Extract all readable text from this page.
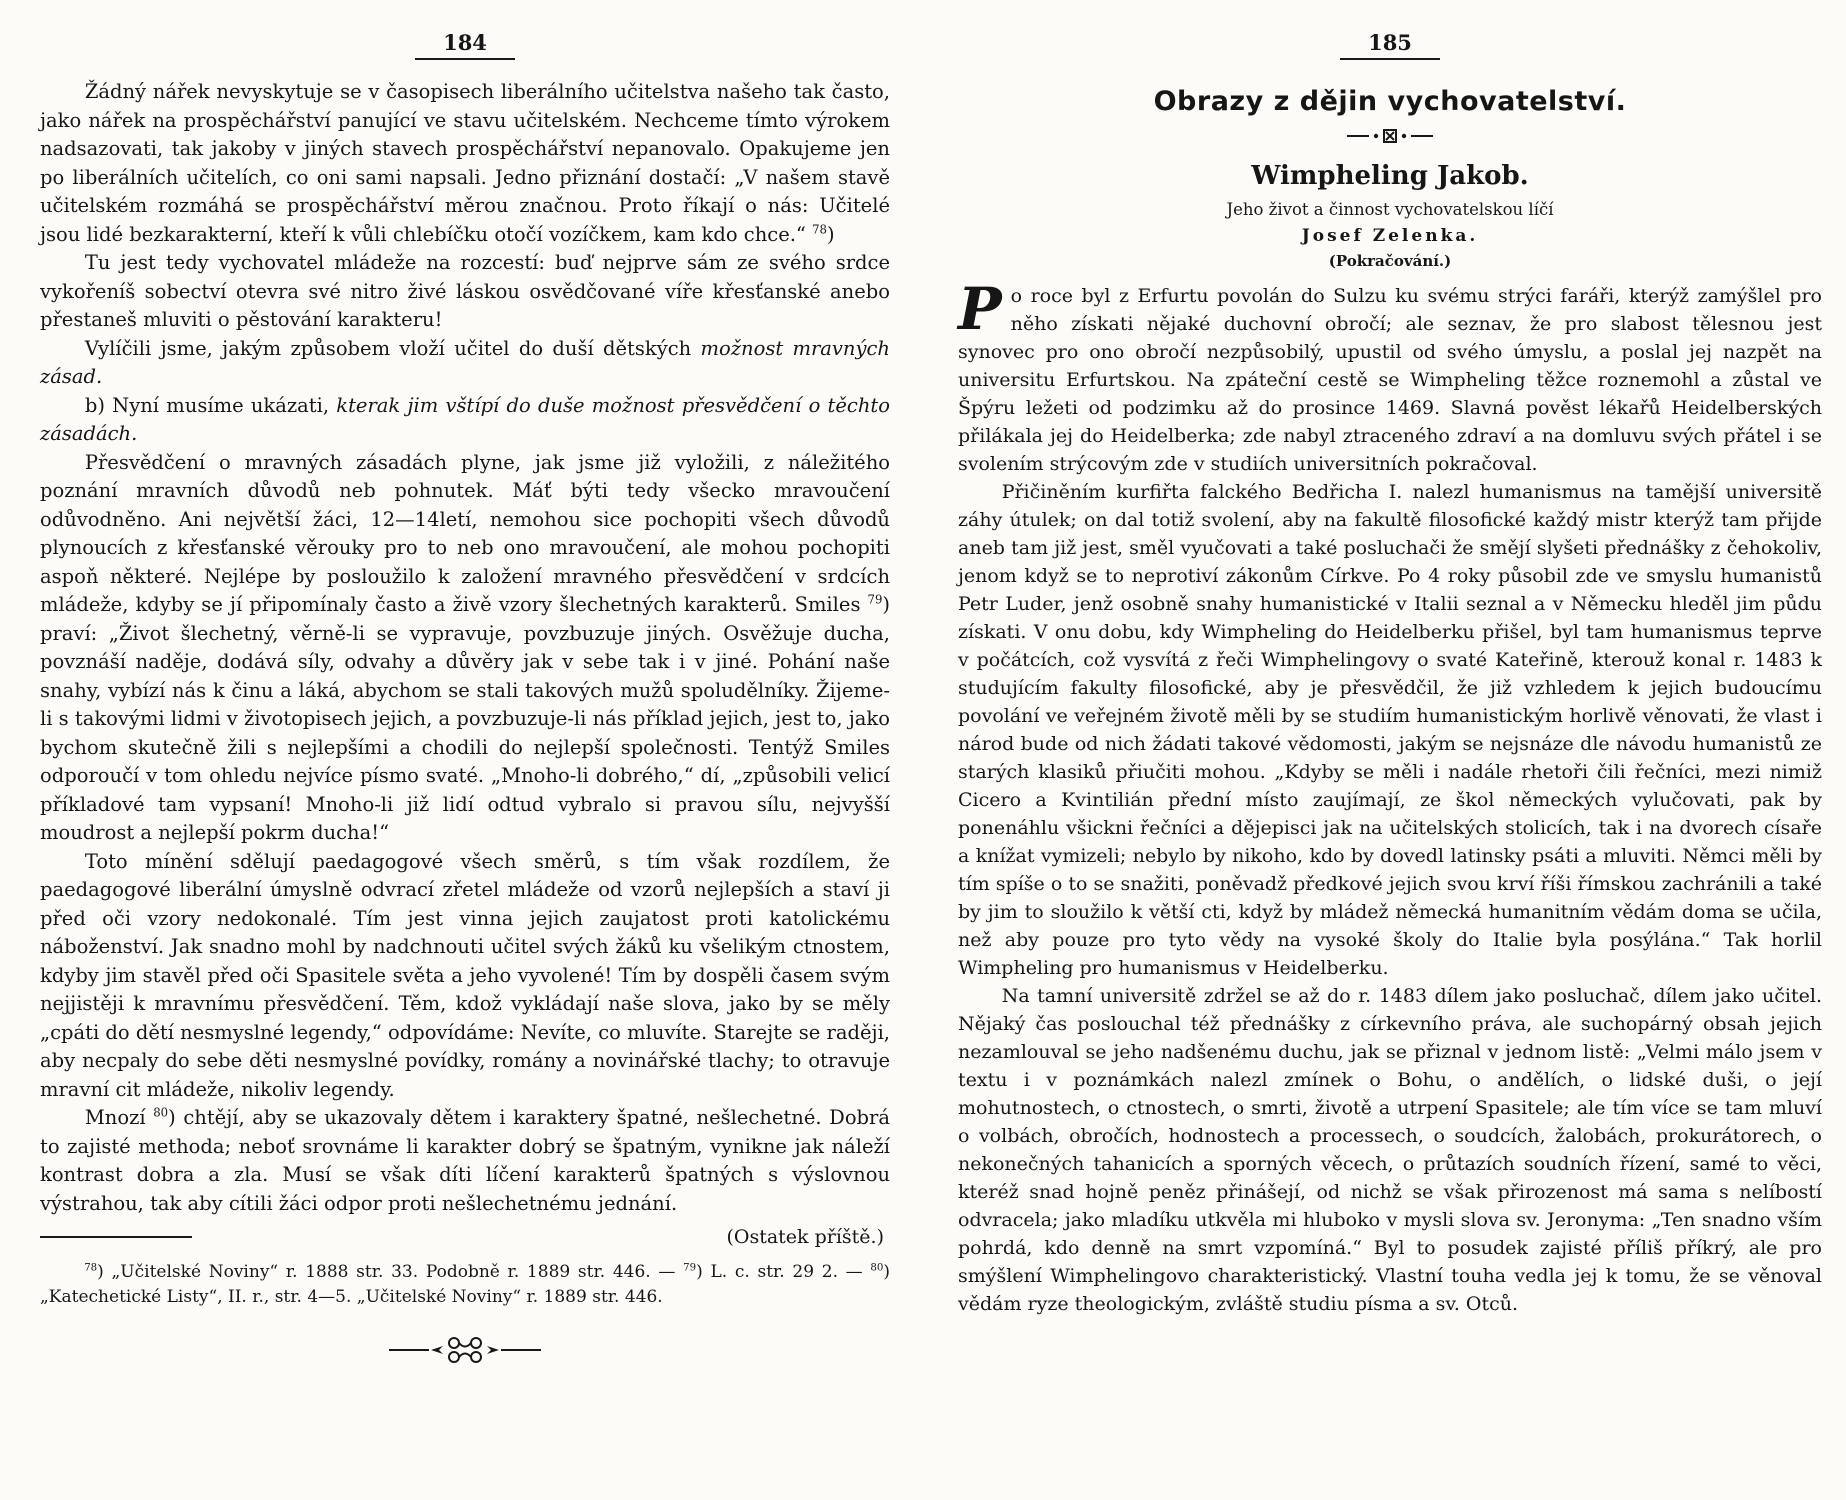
184

Žádný nářek nevyskytuje se v časopisech liberálního učitelstva našeho tak často, jako nářek na prospěchářství panující ve stavu učitelském. Nechceme tímto výrokem nadsazovati, tak jakoby v jiných stavech prospěchářství nepanovalo. Opakujeme jen po liberálních učitelích, co oni sami napsali. Jedno přiznání dostačí: „V našem stavě učitelském rozmáhá se prospěchářství měrou značnou. Proto říkají o nás: Učitelé jsou lidé bezkarakterní, kteří k vůli chlebíčku otočí vozíčkem, kam kdo chce.“ $^{78}$)

Tu jest tedy vychovatel mládeže na rozcestí: buď nejprve sám ze svého srdce vykořeníš sobectví otevra své nitro živé láskou osvědčované víře křesťanské anebo přestaneš mluviti o pěstování karakteru!

Vylíčili jsme, jakým způsobem vloží učitel do duší dětských možnost mravných zásad.

b) Nyní musíme ukázati, kterak jim vštípí do duše možnost přesvědčení o těchto zásadách.

Přesvědčení o mravných zásadách plyne, jak jsme již vyložili, z náležitého poznání mravních důvodů neb pohnutek. Máť býti tedy všecko mravoučení odůvodněno. Ani největší žáci, 12—14letí, nemohou sice pochopiti všech důvodů plynoucích z křesťanské věrouky pro to neb ono mravoučení, ale mohou pochopiti aspoň některé. Nejlépe by posloužilo k založení mravného přesvědčení v srdcích mládeže, kdyby se jí připomínaly často a živě vzory šlechetných karakterů. Smiles $^{79}$) praví: „Život šlechetný, věrně-li se vypravuje, povzbuzuje jiných. Osvěžuje ducha, povznáší naděje, dodává síly, odvahy a důvěry jak v sebe tak i v jiné. Pohání naše snahy, vybízí nás k činu a láká, abychom se stali takových mužů spoludělníky. Žijeme-li s takovými lidmi v životopisech jejich, a povzbuzuje-li nás příklad jejich, jest to, jako bychom skutečně žili s nejlepšími a chodili do nejlepší společnosti. Tentýž Smiles odporoučí v tom ohledu nejvíce písmo svaté. „Mnoho-li dobrého,“ dí, „způsobili velicí příkladové tam vypsaní! Mnoho-li již lidí odtud vybralo si pravou sílu, nejvyšší moudrost a nejlepší pokrm ducha!“

Toto mínění sdělují paedagogové všech směrů, s tím však rozdílem, že paedagogové liberální úmyslně odvrací zřetel mládeže od vzorů nejlepších a staví ji před oči vzory nedokonalé. Tím jest vinna jejich zaujatost proti katolickému náboženství. Jak snadno mohl by nadchnouti učitel svých žáků ku všelikým ctnostem, kdyby jim stavěl před oči Spasitele světa a jeho vyvolené! Tím by dospěli časem svým nejjistěji k mravnímu přesvědčení. Těm, kdož vykládají naše slova, jako by se měly „cpáti do dětí nesmyslné legendy,“ odpovídáme: Nevíte, co mluvíte. Starejte se raději, aby necpaly do sebe děti nesmyslné povídky, romány a novinářské tlachy; to otravuje mravní cit mládeže, nikoliv legendy.

Mnozí $^{80}$) chtějí, aby se ukazovaly dětem i karaktery špatné, nešlechetné. Dobrá to zajisté methoda; neboť srovnáme li karakter dobrý se špatným, vynikne jak náleží kontrast dobra a zla. Musí se však díti líčení karakterů špatných s výslovnou výstrahou, tak aby cítili žáci odpor proti nešlechetnému jednání.

(Ostatek příště.)

$^{78}$) „Učitelské Noviny“ r. 1888 str. 33. Podobně r. 1889 str. 446. — $^{79}$) L. c. str. 29 2. — $^{80}$) „Katechetické Listy“, II. r., str. 4—5. „Učitelské Noviny“ r. 1889 str. 446.

185
Obrazy z dějin vychovatelství.
Wimpheling Jakob.
Jeho život a činnost vychovatelskou líčí
Josef Zelenka.
(Pokračování.)

Po roce byl z Erfurtu povolán do Sulzu ku svému strýci faráři, kterýž zamýšlel pro něho získati nějaké duchovní obročí; ale seznav, že pro slabost tělesnou jest synovec pro ono obročí nezpůsobilý, upustil od svého úmyslu, a poslal jej nazpět na universitu Erfurtskou. Na zpáteční cestě se Wimpheling těžce roznemohl a zůstal ve Špýru ležeti od podzimku až do prosince 1469. Slavná pověst lékařů Heidelberských přilákala jej do Heidelberka; zde nabyl ztraceného zdraví a na domluvu svých přátel i se svolením strýcovým zde v studiích universitních pokračoval.

Přičiněním kurfiřta falckého Bedřicha I. nalezl humanismus na tamější universitě záhy útulek; on dal totiž svolení, aby na fakultě filosofické každý mistr kterýž tam přijde aneb tam již jest, směl vyučovati a také posluchači že smějí slyšeti přednášky z čehokoliv, jenom když se to neprotiví zákonům Církve. Po 4 roky působil zde ve smyslu humanistů Petr Luder, jenž osobně snahy humanistické v Italii seznal a v Německu hleděl jim půdu získati. V onu dobu, kdy Wimpheling do Heidelberku přišel, byl tam humanismus teprve v počátcích, což vysvítá z řeči Wimphelingovy o svaté Kateřině, kterouž konal r. 1483 k studujícím fakulty filosofické, aby je přesvědčil, že již vzhledem k jejich budoucímu povolání ve veřejném životě měli by se studiím humanistickým horlivě věnovati, že vlast i národ bude od nich žádati takové vědomosti, jakým se nejsnáze dle návodu humanistů ze starých klasiků přiučiti mohou. „Kdyby se měli i nadále rhetoři čili řečníci, mezi nimiž Cicero a Kvintilián přední místo zaujímají, ze škol německých vylučovati, pak by ponenáhlu všickni řečníci a dějepisci jak na učitelských stolicích, tak i na dvorech císaře a knížat vymizeli; nebylo by nikoho, kdo by dovedl latinsky psáti a mluviti. Němci měli by tím spíše o to se snažiti, poněvadž předkové jejich svou krví říši římskou zachránili a také by jim to sloužilo k větší cti, když by mládež německá humanitním vědám doma se učila, než aby pouze pro tyto vědy na vysoké školy do Italie byla posýlána.“ Tak horlil Wimpheling pro humanismus v Heidelberku.

Na tamní universitě zdržel se až do r. 1483 dílem jako posluchač, dílem jako učitel. Nějaký čas poslouchal též přednášky z církevního práva, ale suchopárný obsah jejich nezamlouval se jeho nadšenému duchu, jak se přiznal v jednom listě: „Velmi málo jsem v textu i v poznámkách nalezl zmínek o Bohu, o andělích, o lidské duši, o její mohutnostech, o ctnostech, o smrti, životě a utrpení Spasitele; ale tím více se tam mluví o volbách, obročích, hodnostech a processech, o soudcích, žalobách, prokurátorech, o nekonečných tahanicích a sporných věcech, o průtazích soudních řízení, samé to věci, kteréž snad hojně peněz přinášejí, od nichž se však přirozenost má sama s nelíbostí odvracela; jako mladíku utkvěla mi hluboko v mysli slova sv. Jeronyma: „Ten snadno vším pohrdá, kdo denně na smrt vzpomíná.“ Byl to posudek zajisté příliš příkrý, ale pro smýšlení Wimphelingovo charakteristický. Vlastní touha vedla jej k tomu, že se věnoval vědám ryze theologickým, zvláště studiu písma a sv. Otců.
